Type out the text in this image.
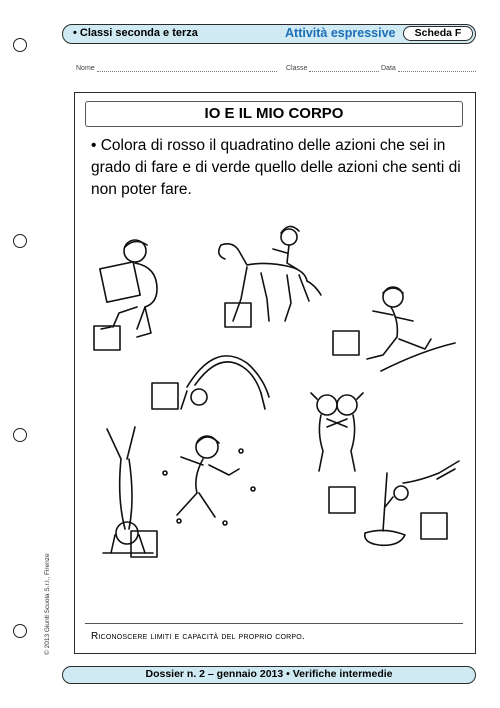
• Classi seconda e terza	Attività espressive	Scheda F
Nome	Classe	Data
IO E IL MIO CORPO
• Colora di rosso il quadratino delle azioni che sei in grado di fare e di verde quello delle azioni che senti di non poter fare.
Riconoscere limiti e capacità del proprio corpo.
© 2013 Giunti Scuola S.r.l., Firenze
Dossier n. 2 – gennaio 2013 • Verifiche intermedie
